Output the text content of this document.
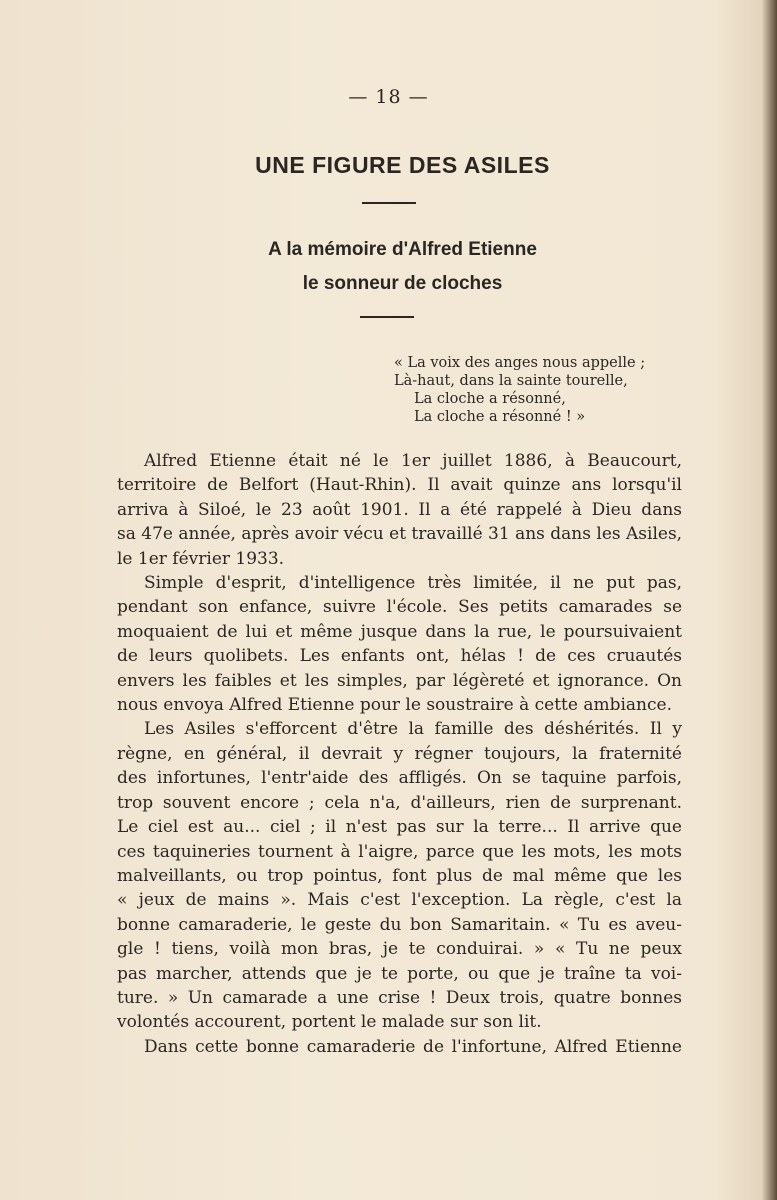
— 18 —
UNE FIGURE DES ASILES
A la mémoire d'Alfred Etienne
le sonneur de cloches
« La voix des anges nous appelle ;
Là-haut, dans la sainte tourelle,
La cloche a résonné,
La cloche a résonné ! »
Alfred Etienne était né le 1er juillet 1886, à Beaucourt,
territoire de Belfort (Haut-Rhin). Il avait quinze ans lorsqu'il
arriva à Siloé, le 23 août 1901. Il a été rappelé à Dieu dans
sa 47e année, après avoir vécu et travaillé 31 ans dans les Asiles,
le 1er février 1933.
Simple d'esprit, d'intelligence très limitée, il ne put pas,
pendant son enfance, suivre l'école. Ses petits camarades se
moquaient de lui et même jusque dans la rue, le poursuivaient
de leurs quolibets. Les enfants ont, hélas ! de ces cruautés
envers les faibles et les simples, par légèreté et ignorance. On
nous envoya Alfred Etienne pour le soustraire à cette ambiance.
Les Asiles s'efforcent d'être la famille des déshérités. Il y
règne, en général, il devrait y régner toujours, la fraternité
des infortunes, l'entr'aide des affligés. On se taquine parfois,
trop souvent encore ; cela n'a, d'ailleurs, rien de surprenant.
Le ciel est au... ciel ; il n'est pas sur la terre... Il arrive que
ces taquineries tournent à l'aigre, parce que les mots, les mots
malveillants, ou trop pointus, font plus de mal même que les
« jeux de mains ». Mais c'est l'exception. La règle, c'est la
bonne camaraderie, le geste du bon Samaritain. « Tu es aveu-
gle ! tiens, voilà mon bras, je te conduirai. » « Tu ne peux
pas marcher, attends que je te porte, ou que je traîne ta voi-
ture. » Un camarade a une crise ! Deux trois, quatre bonnes
volontés accourent, portent le malade sur son lit.
Dans cette bonne camaraderie de l'infortune, Alfred Etienne
